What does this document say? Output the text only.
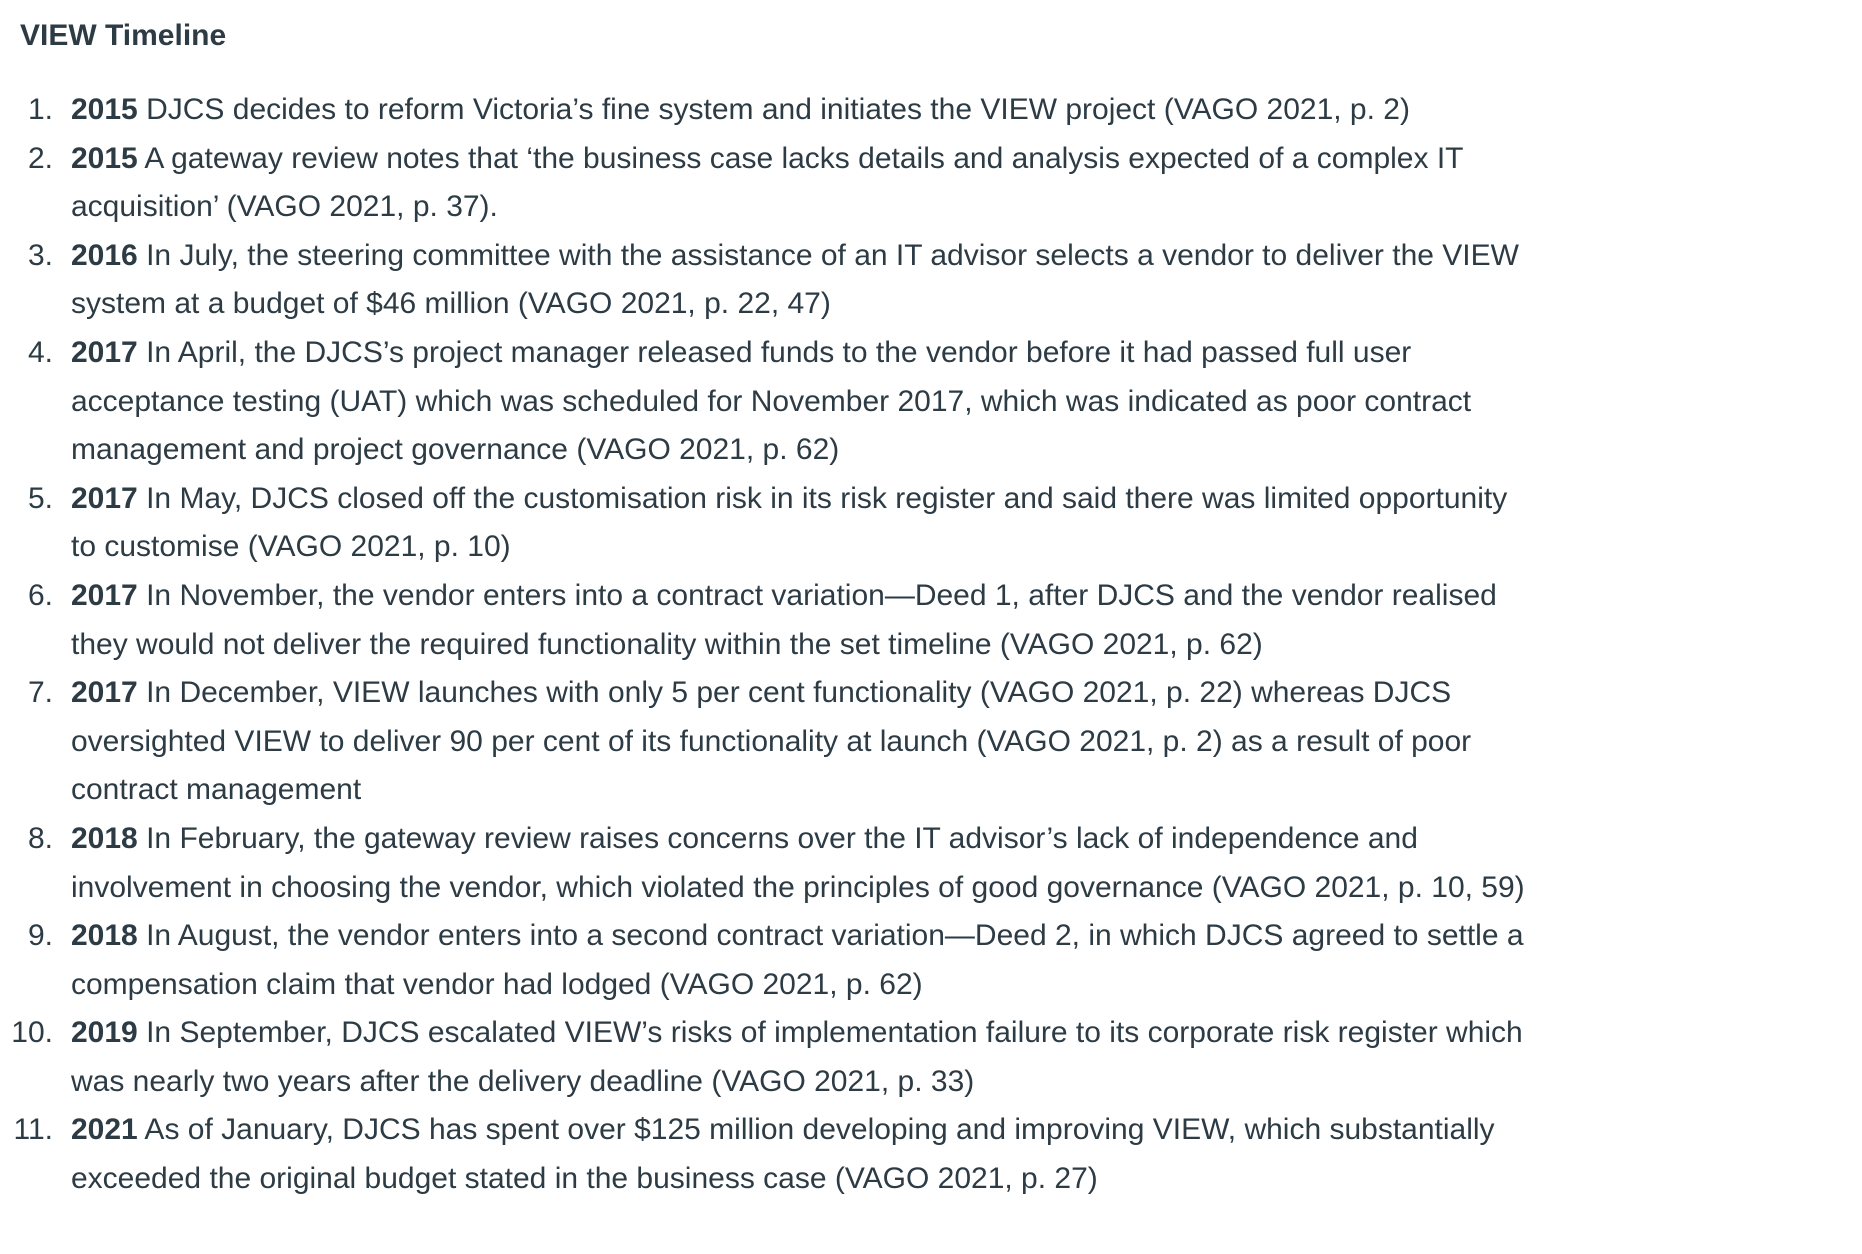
VIEW Timeline
1. 2015 DJCS decides to reform Victoria’s fine system and initiates the VIEW project (VAGO 2021, p. 2)
2. 2015 A gateway review notes that ‘the business case lacks details and analysis expected of a complex IT acquisition’ (VAGO 2021, p. 37).
3. 2016 In July, the steering committee with the assistance of an IT advisor selects a vendor to deliver the VIEW system at a budget of $46 million (VAGO 2021, p. 22, 47)
4. 2017 In April, the DJCS’s project manager released funds to the vendor before it had passed full user acceptance testing (UAT) which was scheduled for November 2017, which was indicated as poor contract management and project governance (VAGO 2021, p. 62)
5. 2017 In May, DJCS closed off the customisation risk in its risk register and said there was limited opportunity to customise (VAGO 2021, p. 10)
6. 2017 In November, the vendor enters into a contract variation—Deed 1, after DJCS and the vendor realised they would not deliver the required functionality within the set timeline (VAGO 2021, p. 62)
7. 2017 In December, VIEW launches with only 5 per cent functionality (VAGO 2021, p. 22) whereas DJCS oversighted VIEW to deliver 90 per cent of its functionality at launch (VAGO 2021, p. 2) as a result of poor contract management
8. 2018 In February, the gateway review raises concerns over the IT advisor’s lack of independence and involvement in choosing the vendor, which violated the principles of good governance (VAGO 2021, p. 10, 59)
9. 2018 In August, the vendor enters into a second contract variation—Deed 2, in which DJCS agreed to settle a compensation claim that vendor had lodged (VAGO 2021, p. 62)
10. 2019 In September, DJCS escalated VIEW’s risks of implementation failure to its corporate risk register which was nearly two years after the delivery deadline (VAGO 2021, p. 33)
11. 2021 As of January, DJCS has spent over $125 million developing and improving VIEW, which substantially exceeded the original budget stated in the business case (VAGO 2021, p. 27)
